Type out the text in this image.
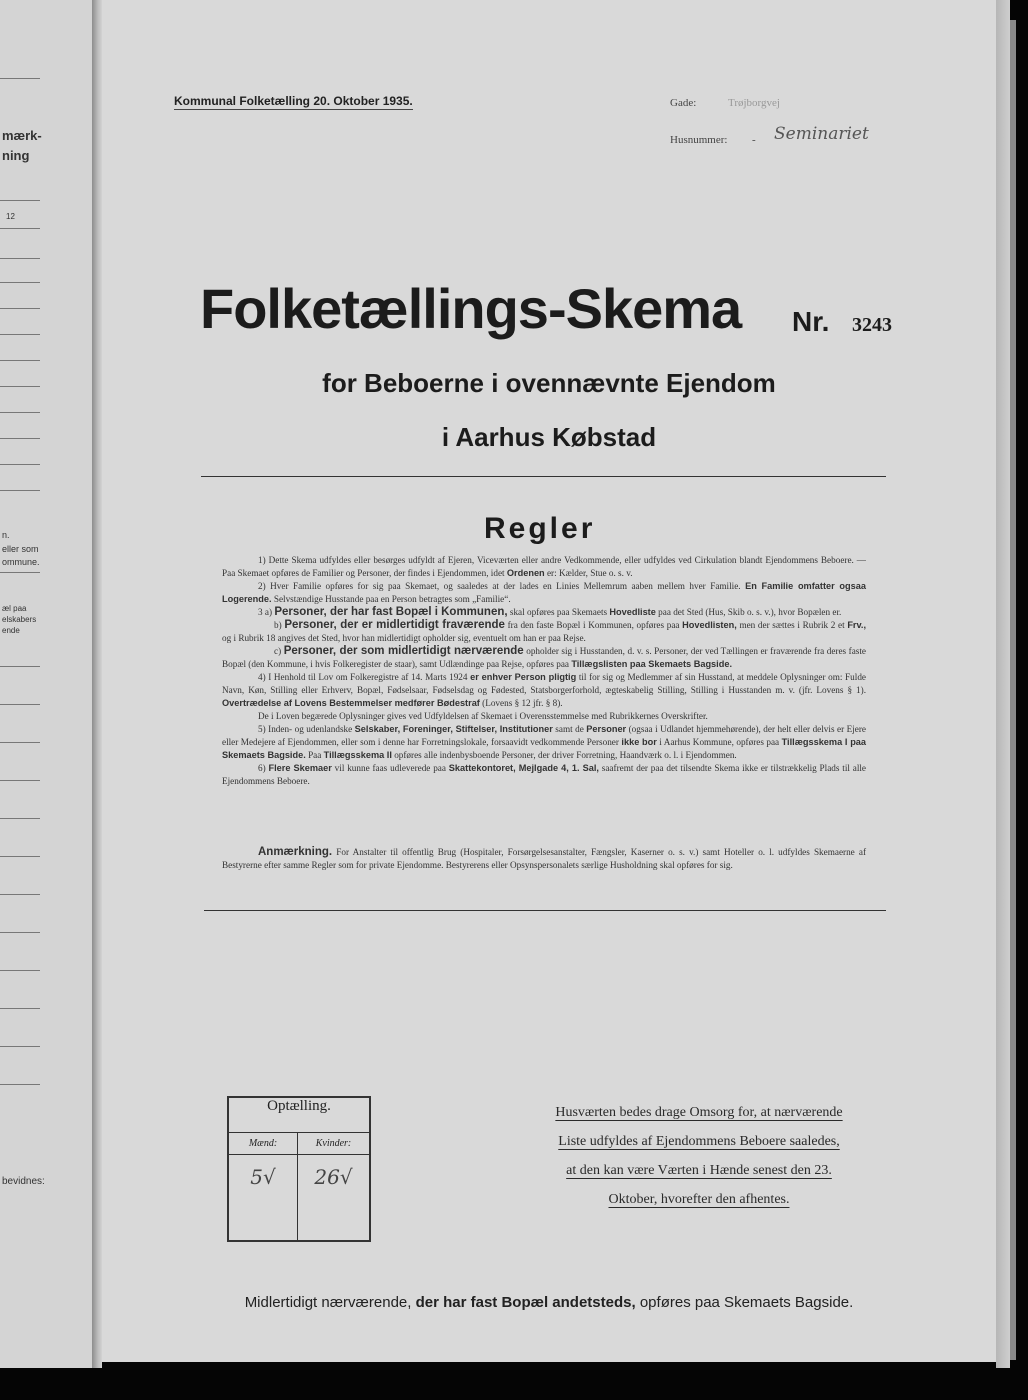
mærk-
ning
12
n.
eller som
ommune.
æl paa
elskabers
ende
bevidnes:
Kommunal Folketælling 20. Oktober 1935.	Gade:	Trøjborgvej
Husnummer: - Seminariet
Folketællings-Skema Nr. 3243
for Beboerne i ovennævnte Ejendom
i Aarhus Købstad
Regler

1) Dette Skema udfyldes eller besørges udfyldt af Ejeren, Viceværten eller andre Vedkommende, eller udfyldes ved Cirkulation blandt Ejendommens Beboere. — Paa Skemaet opføres de Familier og Personer, der findes i Ejendommen, idet Ordenen er: Kælder, Stue o. s. v.

2) Hver Familie opføres for sig paa Skemaet, og saaledes at der lades en Linies Mellemrum aaben mellem hver Familie. En Familie omfatter ogsaa Logerende. Selvstændige Husstande paa en Person betragtes som „Familie“.

3 a) Personer, der har fast Bopæl i Kommunen, skal opføres paa Skemaets Hovedliste paa det Sted (Hus, Skib o. s. v.), hvor Bopælen er.

b) Personer, der er midlertidigt fraværende fra den faste Bopæl i Kommunen, opføres paa Hovedlisten, men der sættes i Rubrik 2 et Frv., og i Rubrik 18 angives det Sted, hvor han midlertidigt opholder sig, eventuelt om han er paa Rejse.

c) Personer, der som midlertidigt nærværende opholder sig i Husstanden, d. v. s. Personer, der ved Tællingen er fraværende fra deres faste Bopæl (den Kommune, i hvis Folkeregister de staar), samt Udlændinge paa Rejse, opføres paa Tillægslisten paa Skemaets Bagside.

4) I Henhold til Lov om Folkeregistre af 14. Marts 1924 er enhver Person pligtig til for sig og Medlemmer af sin Husstand, at meddele Oplysninger om: Fulde Navn, Køn, Stilling eller Erhverv, Bopæl, Fødselsaar, Fødselsdag og Fødested, Statsborgerforhold, ægteskabelig Stilling, Stilling i Husstanden m. v. (jfr. Lovens § 1). Overtrædelse af Lovens Bestemmelser medfører Bødestraf (Lovens § 12 jfr. § 8).

De i Loven begærede Oplysninger gives ved Udfyldelsen af Skemaet i Overensstemmelse med Rubrikkernes Overskrifter.

5) Inden- og udenlandske Selskaber, Foreninger, Stiftelser, Institutioner samt de Personer (ogsaa i Udlandet hjemmehørende), der helt eller delvis er Ejere eller Medejere af Ejendommen, eller som i denne har Forretningslokale, forsaavidt vedkommende Personer ikke bor i Aarhus Kommune, opføres paa Tillægsskema I paa Skemaets Bagside. Paa Tillægsskema II opføres alle indenbysboende Personer, der driver Forretning, Haandværk o. l. i Ejendommen.

6) Flere Skemaer vil kunne faas udleverede paa Skattekontoret, Mejlgade 4, 1. Sal, saafremt der paa det tilsendte Skema ikke er tilstrækkelig Plads til alle Ejendommens Beboere.

Anmærkning. For Anstalter til offentlig Brug (Hospitaler, Forsørgelsesanstalter, Fængsler, Kaserner o. s. v.) samt Hoteller o. l. udfyldes Skemaerne af Bestyrerne efter samme Regler som for private Ejendomme. Bestyrerens eller Opsynspersonalets særlige Husholdning skal opføres for sig.

Optælling.
Mænd:
5√
Kvinder:
26√
Husværten bedes drage Omsorg for, at nærværende
Liste udfyldes af Ejendommens Beboere saaledes,
at den kan være Værten i Hænde senest den 23.
Oktober, hvorefter den afhentes.
Midlertidigt nærværende, der har fast Bopæl andetsteds, opføres paa Skemaets Bagside.
